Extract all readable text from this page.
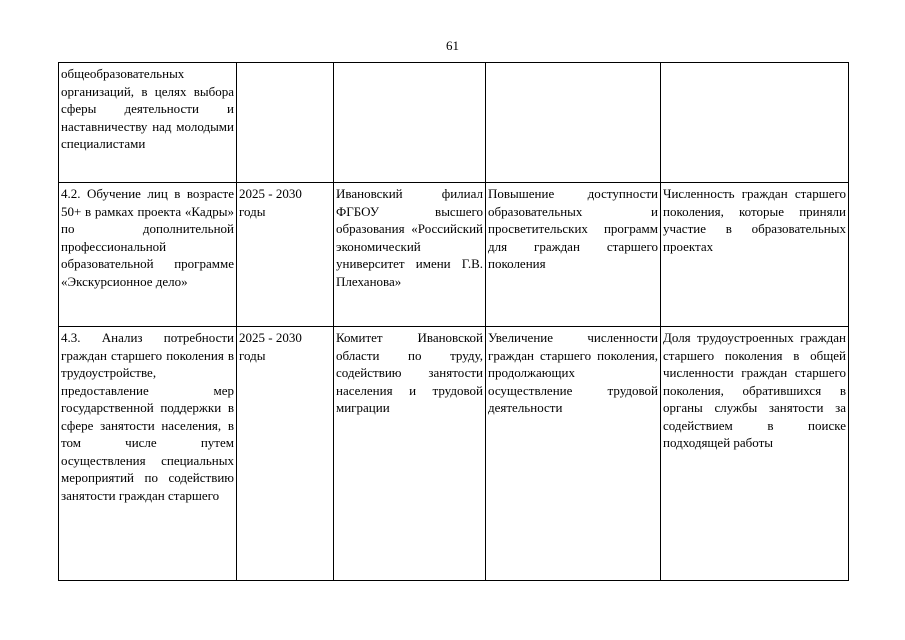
61
общеобразовательных организаций, в целях выбора сферы деятельности и наставничеству над молодыми специалистами				
4.2. Обучение лиц в возрасте 50+ в рамках проекта «Кадры» по дополнительной профессиональной образовательной программе «Экскурсионное дело»	2025 - 2030 годы	Ивановский филиал ФГБОУ высшего образования «Российский экономический университет имени Г.В. Плеханова»	Повышение доступности образовательных и просветительских программ для граждан старшего поколения	Численность граждан старшего поколения, которые приняли участие в образовательных проектах
4.3. Анализ потребности граждан старшего поколения в трудоустройстве, предоставление мер государственной поддержки в сфере занятости населения, в том числе путем осуществления специальных мероприятий по содействию занятости граждан старшего	2025 - 2030 годы	Комитет Ивановской области по труду, содействию занятости населения и трудовой миграции	Увеличение численности граждан старшего поколения, продолжающих осуществление трудовой деятельности	Доля трудоустроенных граждан старшего поколения в общей численности граждан старшего поколения, обратившихся в органы службы занятости за содействием в поиске подходящей работы
